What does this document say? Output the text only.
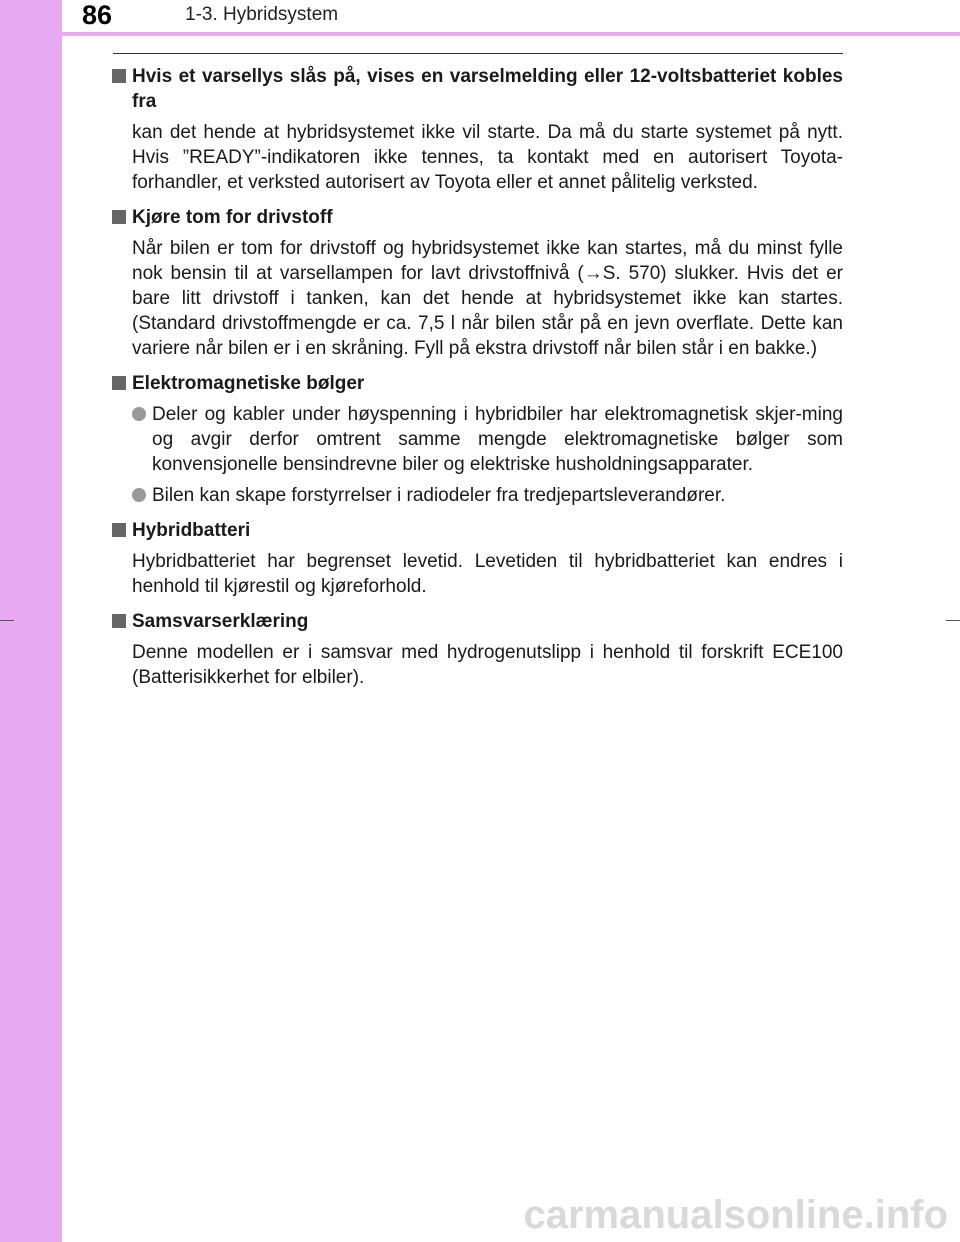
86	1-3. Hybridsystem
Hvis et varsellys slås på, vises en varselmelding eller 12-voltsbatteriet kobles fra
kan det hende at hybridsystemet ikke vil starte. Da må du starte systemet på nytt. Hvis ”READY”-indikatoren ikke tennes, ta kontakt med en autorisert Toyota-forhandler, et verksted autorisert av Toyota eller et annet pålitelig verksted.
Kjøre tom for drivstoff
Når bilen er tom for drivstoff og hybridsystemet ikke kan startes, må du minst fylle nok bensin til at varsellampen for lavt drivstoffnivå (→S. 570) slukker. Hvis det er bare litt drivstoff i tanken, kan det hende at hybridsystemet ikke kan startes. (Standard drivstoffmengde er ca. 7,5 l når bilen står på en jevn overflate. Dette kan variere når bilen er i en skråning. Fyll på ekstra drivstoff når bilen står i en bakke.)
Elektromagnetiske bølger
Deler og kabler under høyspenning i hybridbiler har elektromagnetisk skjer-ming og avgir derfor omtrent samme mengde elektromagnetiske bølger som konvensjonelle bensindrevne biler og elektriske husholdningsapparater.
Bilen kan skape forstyrrelser i radiodeler fra tredjepartsleverandører.
Hybridbatteri
Hybridbatteriet har begrenset levetid. Levetiden til hybridbatteriet kan endres i henhold til kjørestil og kjøreforhold.
Samsvarserklæring
Denne modellen er i samsvar med hydrogenutslipp i henhold til forskrift ECE100 (Batterisikkerhet for elbiler).
carmanualsonline.info
